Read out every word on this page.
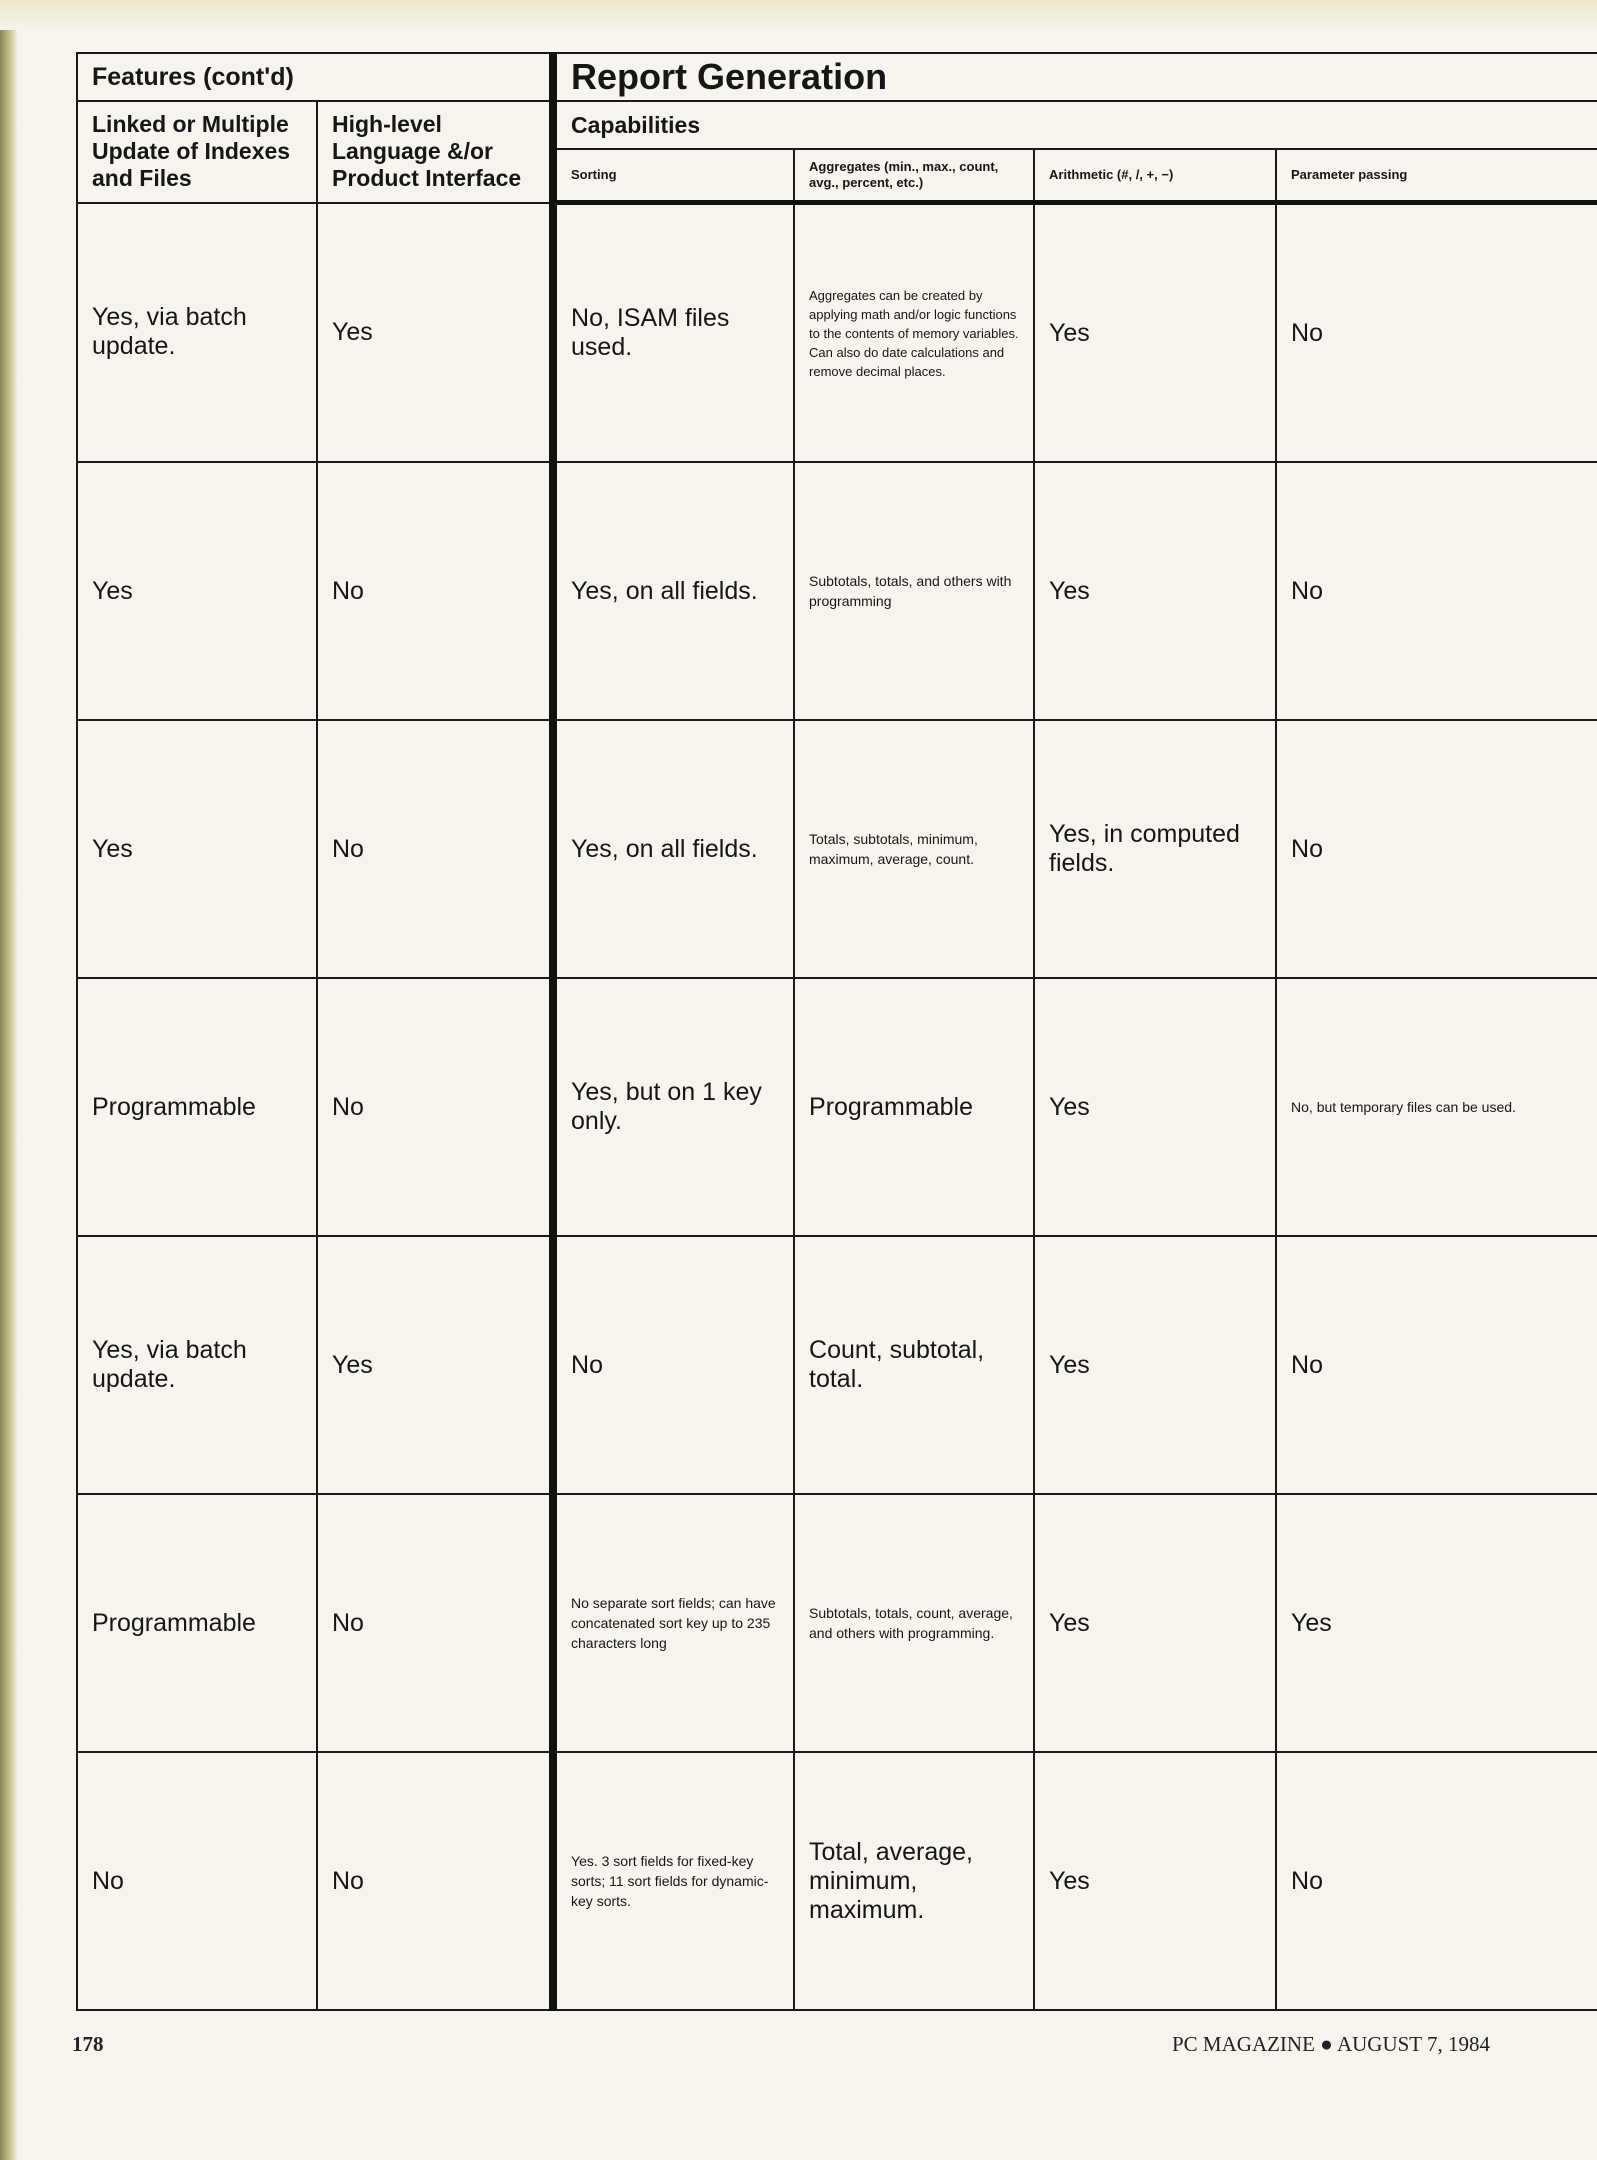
Features (cont'd)		Report Generation			
Linked or Multiple Update of Indexes and Files	High-level Language &/or Product Interface	Capabilities			
		Sorting	Aggregates (min., max., count, avg., percent, etc.)	Arithmetic (#, /, +, −)	Parameter passing
Yes, via batch update.	Yes	No, ISAM files used.	Aggregates can be created by applying math and/or logic functions to the contents of memory variables. Can also do date calculations and remove decimal places.	Yes	No
Yes	No	Yes, on all fields.	Subtotals, totals, and others with programming	Yes	No
Yes	No	Yes, on all fields.	Totals, subtotals, minimum, maximum, average, count.	Yes, in computed fields.	No
Programmable	No	Yes, but on 1 key only.	Programmable	Yes	No, but temporary files can be used.
Yes, via batch update.	Yes	No	Count, subtotal, total.	Yes	No
Programmable	No	No separate sort fields; can have concatenated sort key up to 235 characters long	Subtotals, totals, count, average, and others with programming.	Yes	Yes
No	No	Yes. 3 sort fields for fixed-key sorts; 11 sort fields for dynamic-key sorts.	Total, average, minimum, maximum.	Yes	No
178	PC MAGAZINE ● AUGUST 7, 1984
